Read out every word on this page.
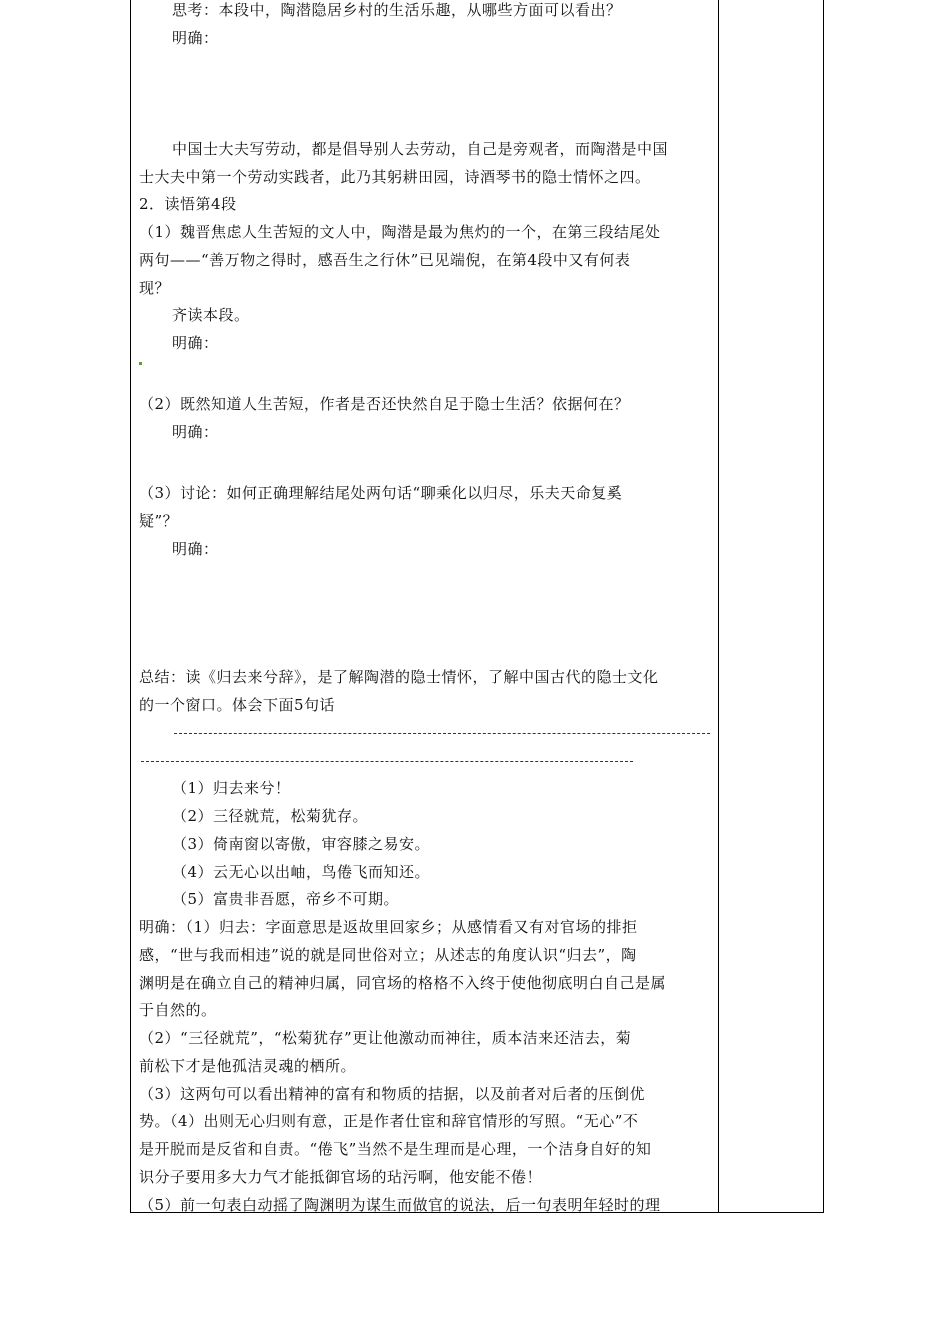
思考：本段中，陶潜隐居乡村的生活乐趣，从哪些方面可以看出？
明确：
中国士大夫写劳动，都是倡导别人去劳动，自己是旁观者，而陶潜是中国
士大夫中第一个劳动实践者，此乃其躬耕田园，诗酒琴书的隐士情怀之四。
2．读悟第4段
（1）魏晋焦虑人生苦短的文人中，陶潜是最为焦灼的一个，在第三段结尾处
两句——“善万物之得时，感吾生之行休”已见端倪，在第4段中又有何表
现？
齐读本段。
明确：
（2）既然知道人生苦短，作者是否还快然自足于隐士生活？依据何在？
明确：
（3）讨论：如何正确理解结尾处两句话“聊乘化以归尽，乐夫天命复奚
疑”？
明确：
总结：读《归去来兮辞》，是了解陶潜的隐士情怀，了解中国古代的隐士文化
的一个窗口。体会下面5句话
（1）归去来兮！
（2）三径就荒，松菊犹存。
（3）倚南窗以寄傲，审容膝之易安。
（4）云无心以出岫，鸟倦飞而知还。
（5）富贵非吾愿，帝乡不可期。
明确：（1）归去：字面意思是返故里回家乡；从感情看又有对官场的排拒
感，“世与我而相违”说的就是同世俗对立；从述志的角度认识“归去”，陶
渊明是在确立自己的精神归属，同官场的格格不入终于使他彻底明白自己是属
于自然的。
（2）“三径就荒”，“松菊犹存”更让他激动而神往，质本洁来还洁去，菊
前松下才是他孤洁灵魂的栖所。
（3）这两句可以看出精神的富有和物质的拮据，以及前者对后者的压倒优
势。（4）出则无心归则有意，正是作者仕宦和辞官情形的写照。“无心”不
是开脱而是反省和自责。“倦飞”当然不是生理而是心理，一个洁身自好的知
识分子要用多大力气才能抵御官场的玷污啊，他安能不倦！
（5）前一句表白动摇了陶渊明为谋生而做官的说法，后一句表明年轻时的理
